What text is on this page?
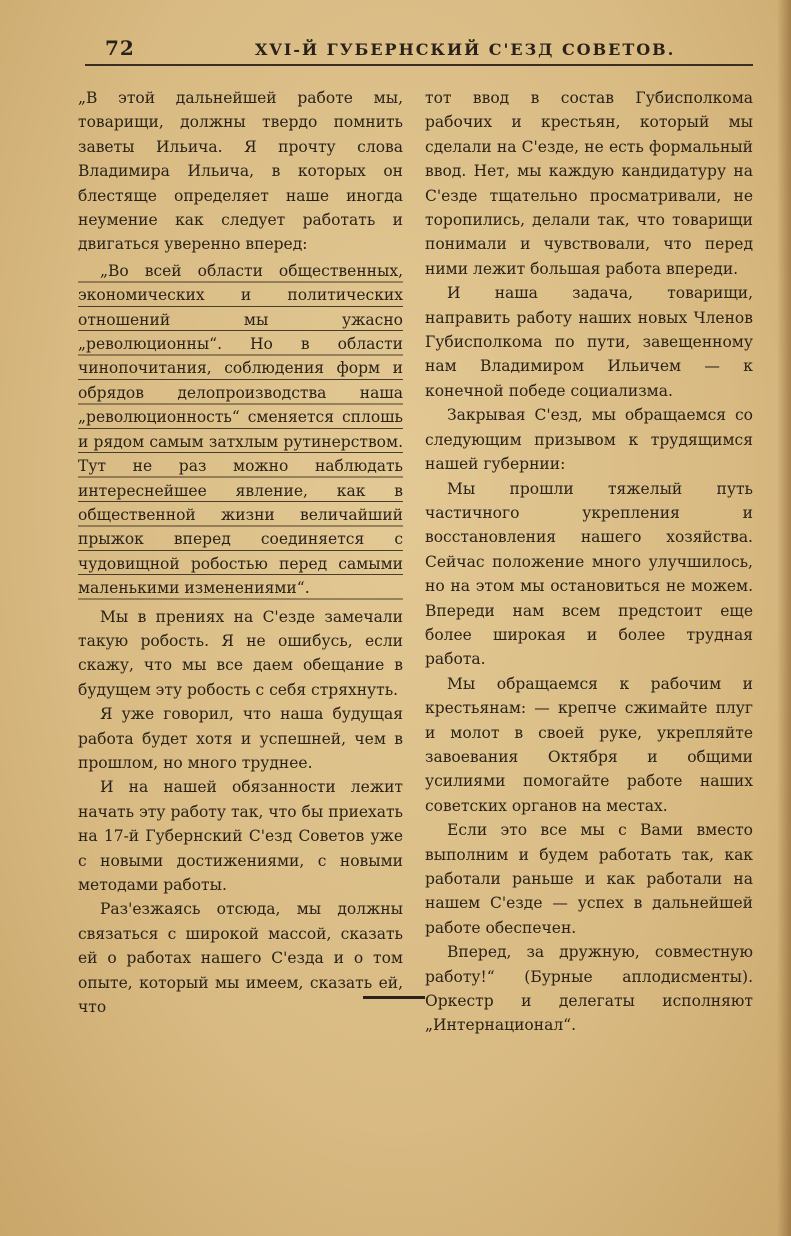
72	XVI-Й ГУБЕРНСКИЙ С'ЕЗД СОВЕТОВ.

„В этой дальнейшей работе мы, товарищи, должны твердо помнить заветы Ильича. Я прочту слова Владимира Ильича, в которых он блестяще определяет наше иногда неумение как следует работать и двигаться уверенно вперед:

„Во всей области общественных, экономических и политических отношений мы ужасно „революционны“. Но в области чинопочитания, соблюдения форм и обрядов делопроизводства наша „революционность“ сменяется сплошь и рядом самым затхлым рутинерством. Тут не раз можно наблюдать интереснейшее явление, как в общественной жизни величайший прыжок вперед соединяется с чудовищной робостью перед самыми маленькими изменениями“.

Мы в прениях на С'езде замечали такую робость. Я не ошибусь, если скажу, что мы все даем обещание в будущем эту робость с себя стряхнуть.

Я уже говорил, что наша будущая работа будет хотя и успешней, чем в прошлом, но много труднее.

И на нашей обязанности лежит начать эту работу так, что бы приехать на 17-й Губернский С'езд Советов уже с новыми достижениями, с новыми методами работы.

Раз'езжаясь отсюда, мы должны связаться с широкой массой, сказать ей о работах нашего С'езда и о том опыте, который мы имеем, сказать ей, что

тот ввод в состав Губисполкома рабочих и крестьян, который мы сделали на С'езде, не есть формальный ввод. Нет, мы каждую кандидатуру на С'езде тщательно просматривали, не торопились, делали так, что товарищи понимали и чувствовали, что перед ними лежит большая работа впереди.

И наша задача, товарищи, направить работу наших новых Членов Губисполкома по пути, завещенному нам Владимиром Ильичем — к конечной победе социализма.

Закрывая С'езд, мы обращаемся со следующим призывом к трудящимся нашей губернии:

Мы прошли тяжелый путь частичного укрепления и восстановления нашего хозяйства. Сейчас положение много улучшилось, но на этом мы остановиться не можем. Впереди нам всем предстоит еще более широкая и более трудная работа.

Мы обращаемся к рабочим и крестьянам: — крепче сжимайте плуг и молот в своей руке, укрепляйте завоевания Октября и общими усилиями помогайте работе наших советских органов на местах.

Если это все мы с Вами вместо выполним и будем работать так, как работали раньше и как работали на нашем С'езде — успех в дальнейшей работе обеспечен.

Вперед, за дружную, совместную работу!“ (Бурные аплодисменты). Оркестр и делегаты исполняют „Интернационал“.
